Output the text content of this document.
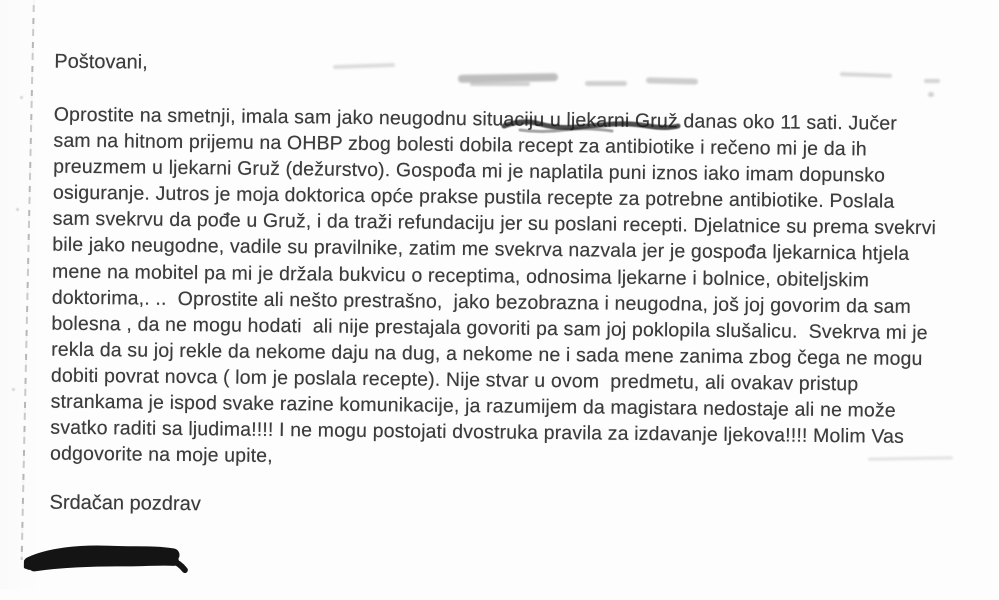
Poštovani,
Oprostite na smetnji, imala sam jako neugodnu situaciju u ljekarni Gruž danas oko 11 sati. Jučer
sam na hitnom prijemu na OHBP zbog bolesti dobila recept za antibiotike i rečeno mi je da ih
preuzmem u ljekarni Gruž (dežurstvo). Gospođa mi je naplatila puni iznos iako imam dopunsko
osiguranje. Jutros je moja doktorica opće prakse pustila recepte za potrebne antibiotike. Poslala
sam svekrvu da pođe u Gruž, i da traži refundaciju jer su poslani recepti. Djelatnice su prema svekrvi
bile jako neugodne, vadile su pravilnike, zatim me svekrva nazvala jer je gospođa ljekarnica htjela
mene na mobitel pa mi je držala bukvicu o receptima, odnosima ljekarne i bolnice, obiteljskim
doktorima,. ..  Oprostite ali nešto prestrašno,  jako bezobrazna i neugodna, još joj govorim da sam
bolesna , da ne mogu hodati  ali nije prestajala govoriti pa sam joj poklopila slušalicu.  Svekrva mi je
rekla da su joj rekle da nekome daju na dug, a nekome ne i sada mene zanima zbog čega ne mogu
dobiti povrat novca ( lom je poslala recepte). Nije stvar u ovom  predmetu, ali ovakav pristup
strankama je ispod svake razine komunikacije, ja razumijem da magistara nedostaje ali ne može
svatko raditi sa ljudima!!!! I ne mogu postojati dvostruka pravila za izdavanje ljekova!!!! Molim Vas
odgovorite na moje upite,
Srdačan pozdrav
